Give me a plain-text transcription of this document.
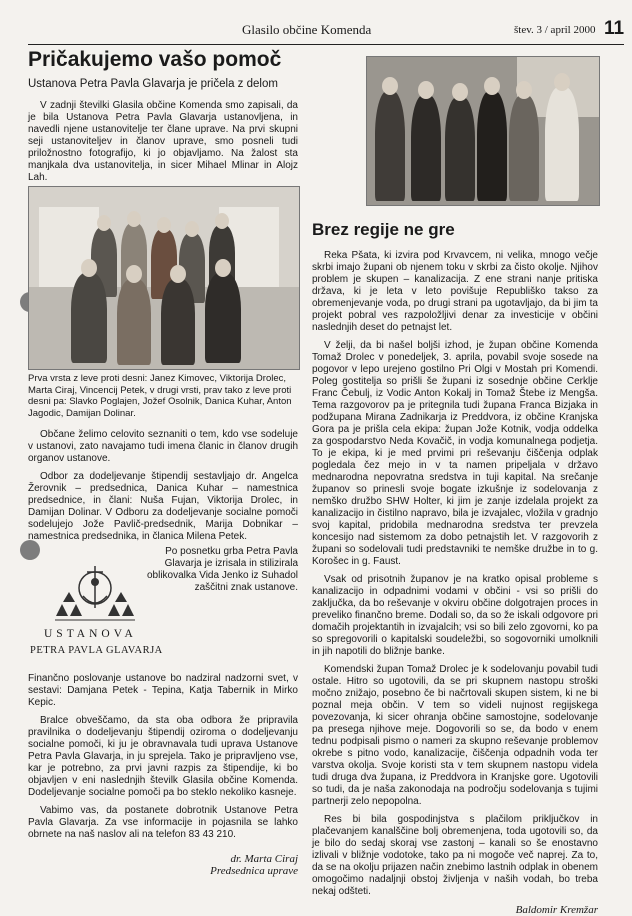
Glasilo občine Komenda	štev. 3 / april 2000 11
Pričakujemo vašo pomoč
Ustanova Petra Pavla Glavarja je pričela z delom

V zadnji številki Glasila občine Komenda smo zapisali, da je bila Ustanova Petra Pavla Glavarja ustanovljena, in navedli njene ustanovitelje ter člane uprave. Na prvi skupni seji ustanoviteljev in članov uprave, smo posneli tudi priložnostno fotografijo, ki jo objavljamo. Na žalost sta manjkala dva ustanovitelja, in sicer Mihael Mlinar in Alojz Lah.

Prva vrsta z leve proti desni: Janez Kimovec, Viktorija Drolec, Marta Ciraj, Vincencij Petek, v drugi vrsti, prav tako z leve proti desni pa: Slavko Poglajen, Jožef Osolnik, Danica Kuhar, Anton Jagodic, Damijan Dolinar.

Občane želimo celovito seznaniti o tem, kdo vse sodeluje v ustanovi, zato navajamo tudi imena članic in članov drugih organov ustanove.

Odbor za dodeljevanje štipendij sestavljajo dr. Angelca Žerovnik – predsednica, Danica Kuhar – namestnica predsednice, in člani: Nuša Fujan, Viktorija Drolec, in Damijan Dolinar. V Odboru za dodeljevanje socialne pomoči sodelujejo Jože Pavlič-predsednik, Marija Dobnikar – namestnica predsednika, in članica Milena Petek.

Po posnetku grba Petra Pavla Glavarja je izrisala in stilizirala oblikovalka Vida Jenko iz Suhadol zaščitni znak ustanove.
USTANOVA
PETRA PAVLA GLAVARJA

Finančno poslovanje ustanove bo nadziral nadzorni svet, v sestavi: Damjana Petek - Tepina, Katja Tabernik in Mirko Kepic.

Bralce obveščamo, da sta oba odbora že pripravila pravilnika o dodeljevanju štipendij oziroma o dodeljevanju socialne pomoči, ki ju je obravnavala tudi uprava Ustanove Petra Pavla Glavarja, in ju sprejela. Tako je pripravljeno vse, kar je potrebno, za prvi javni razpis za štipendije, ki bo objavljen v eni naslednjih številk Glasila občine Komenda. Dodeljevanje socialne pomoči pa bo steklo nekoliko kasneje.

Vabimo vas, da postanete dobrotnik Ustanove Petra Pavla Glavarja. Za vse informacije in pojasnila se lahko obrnete na naš naslov ali na telefon 83 43 210.

dr. Marta Ciraj
Predsednica uprave
Brez regije ne gre

Reka Pšata, ki izvira pod Krvavcem, ni velika, mnogo večje skrbi imajo župani ob njenem toku v skrbi za čisto okolje. Njihov problem je skupen – kanalizacija. Z ene strani nanje pritiska država, ki je leta v leto povišuje Republiško takso za obremenjevanje voda, po drugi strani pa ugotavljajo, da bi jim ta projekt pobral ves razpoložljivi denar za investicije v občini naslednjih deset do petnajst let.

V želji, da bi našel boljši izhod, je župan občine Komenda Tomaž Drolec v ponedeljek, 3. aprila, povabil svoje sosede na pogovor v lepo urejeno gostilno Pri Olgi v Mostah pri Komendi. Poleg gostitelja so prišli še župani iz sosednje občine Cerklje Franc Čebulj, iz Vodic Anton Kokalj in Tomaž Štebe iz Mengša. Tema razgovorov pa je pritegnila tudi župana Franca Bizjaka in podžupana Mirana Zadnikarja iz Preddvora, iz občine Kranjska Gora pa je prišla cela ekipa: župan Jože Kotnik, vodja oddelka za gospodarstvo Neda Kovačič, in vodja komunalnega podjetja. To je ekipa, ki je med prvimi pri reševanju čiščenja odplak pogledala čez mejo in v ta namen pripeljala v državo mednarodna nepovratna sredstva in tuji kapital. Na srečanje županov so prinesli svoje bogate izkušnje iz sodelovanja z nemško družbo SHW Holter, ki jim je zanje izdelala projekt za kanalizacijo in čistilno napravo, bila je izvajalec, vložila v gradnjo svoj kapital, pridobila mednarodna sredstva ter prevzela koncesijo nad sistemom za dobo petnajstih let. V razgovorih z župani so sodelovali tudi predstavniki te nemške družbe in to g. Korošec in g. Faust.

Vsak od prisotnih županov je na kratko opisal probleme s kanalizacijo in odpadnimi vodami v občini - vsi so prišli do zaključka, da bo reševanje v okviru občine dolgotrajen proces in preveliko finančno breme. Dodali so, da so že iskali odgovore pri domačih projektantih in izvajalcih; vsi so bili zelo zgovorni, ko pa so spregovorili o kapitalski soudeležbi, so sogovorniki umolknili in jih napotili do bližnje banke.

Komendski župan Tomaž Drolec je k sodelovanju povabil tudi ostale. Hitro so ugotovili, da se pri skupnem nastopu stroški močno znižajo, posebno če bi načrtovali skupen sistem, ki ne bi poznal meja občin. V tem so videli nujnost regijskega povezovanja, ki sicer ohranja občine samostojne, sodelovanje pa presega njihove meje. Dogovorili so se, da bodo v enem tednu podpisali pismo o nameri za skupno reševanje problemov okrebe s pitno vodo, kanalizacije, čiščenja odpadnih voda ter varstva okolja. Svoje koristi sta v tem skupnem nastopu videla tudi druga dva župana, iz Preddvora in Kranjske gore. Ugotovili so tudi, da je naša zakonodaja na področju sodelovanja s tujimi partnerji zelo nepopolna.

Res bi bila gospodinjstva s plačilom priključkov in plačevanjem kanalščine bolj obremenjena, toda ugotovili so, da je bilo do sedaj skoraj vse zastonj – kanali so še enostavno izlivali v bližnje vodotoke, tako pa ni mogoče več naprej. Za to, da se na okolju prijazen način znebimo lastnih odplak in obenem omogočimo nadaljnji obstoj življenja v naših vodah, bo treba nekaj odšteti.

Baldomir Kremžar
